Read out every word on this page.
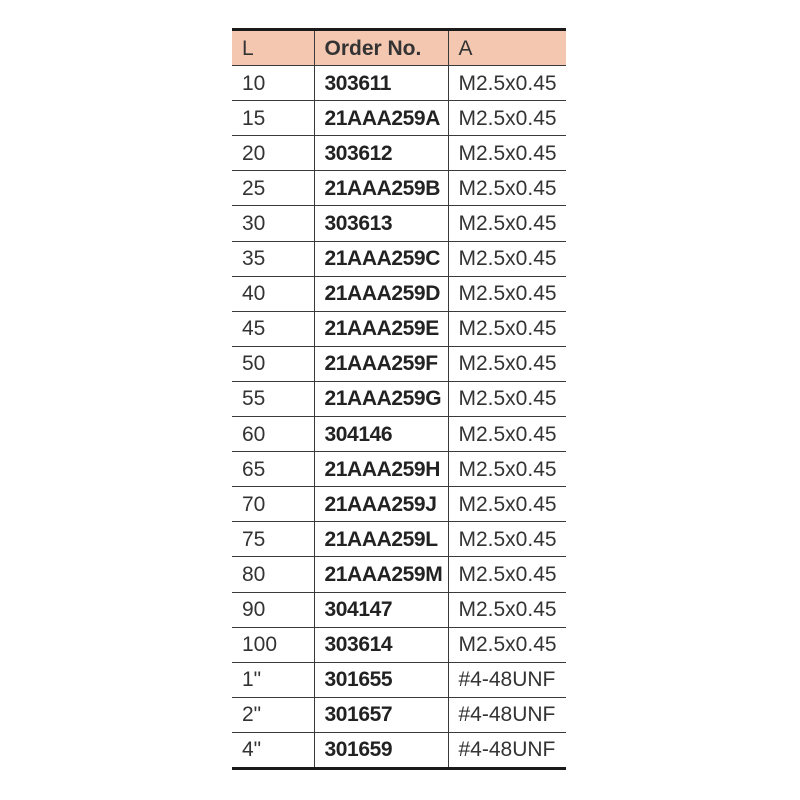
L	Order No.	A
10	303611	M2.5x0.45
15	21AAA259A	M2.5x0.45
20	303612	M2.5x0.45
25	21AAA259B	M2.5x0.45
30	303613	M2.5x0.45
35	21AAA259C	M2.5x0.45
40	21AAA259D	M2.5x0.45
45	21AAA259E	M2.5x0.45
50	21AAA259F	M2.5x0.45
55	21AAA259G	M2.5x0.45
60	304146	M2.5x0.45
65	21AAA259H	M2.5x0.45
70	21AAA259J	M2.5x0.45
75	21AAA259L	M2.5x0.45
80	21AAA259M	M2.5x0.45
90	304147	M2.5x0.45
100	303614	M2.5x0.45
1"	301655	#4-48UNF
2"	301657	#4-48UNF
4"	301659	#4-48UNF
